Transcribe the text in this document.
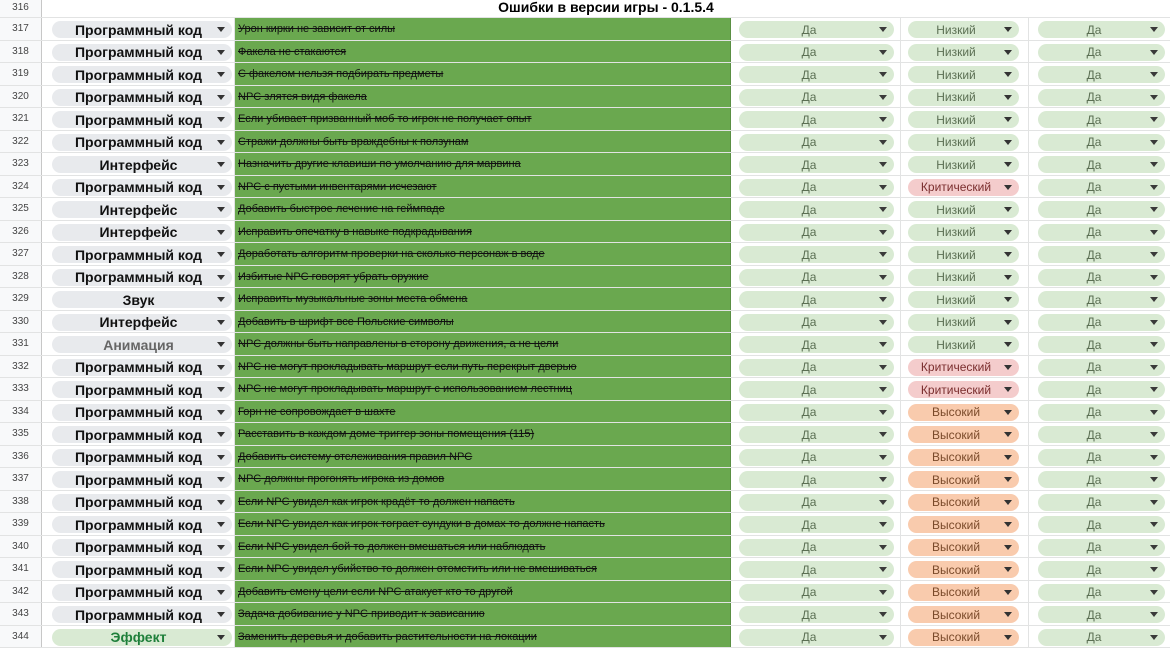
316	Ошибки в версии игры - 0.1.5.4
317	Программный код	Урон кирки не зависит от силы	Да	Низкий	Да
318	Программный код	Факела не стакаются	Да	Низкий	Да
319	Программный код	С факелом нельзя подбирать предметы	Да	Низкий	Да
320	Программный код	NPC злятся видя факела	Да	Низкий	Да
321	Программный код	Если убивает призванный моб то игрок не получает опыт	Да	Низкий	Да
322	Программный код	Стражи должны быть враждебны к ползунам	Да	Низкий	Да
323	Интерфейс	Назначить другие клавиши по умолчанию для марвина	Да	Низкий	Да
324	Программный код	NPC с пустыми инвентарями исчезают	Да	Критический	Да
325	Интерфейс	Добавить быстрое лечение на геймпаде	Да	Низкий	Да
326	Интерфейс	Исправить опечатку в навыке подкрадывания	Да	Низкий	Да
327	Программный код	Доработать алгоритм проверки на сколько персонаж в воде	Да	Низкий	Да
328	Программный код	Избитые NPC говорят убрать оружие	Да	Низкий	Да
329	Звук	Исправить музыкальные зоны места обмена	Да	Низкий	Да
330	Интерфейс	Добавить в шрифт все Польские символы	Да	Низкий	Да
331	Анимация	NPC должны быть направлены в сторону движения, а не цели	Да	Низкий	Да
332	Программный код	NPC не могут прокладывать маршрут если путь перекрыт дверью	Да	Критический	Да
333	Программный код	NPC не могут прокладывать маршрут с использованием лестниц	Да	Критический	Да
334	Программный код	Горн не сопровождает в шахте	Да	Высокий	Да
335	Программный код	Расставить в каждом доме триггер зоны помещения (115)	Да	Высокий	Да
336	Программный код	Добавить систему отслеживания правил NPC	Да	Высокий	Да
337	Программный код	NPC должны прогонять игрока из домов	Да	Высокий	Да
338	Программный код	Если NPC увидел как игрок крадёт то должен напасть	Да	Высокий	Да
339	Программный код	Если NPC увидел как игрок тограет сундуки в домах то должне напасть	Да	Высокий	Да
340	Программный код	Если NPC увидел бой то должен вмешаться или наблюдать	Да	Высокий	Да
341	Программный код	Если NPC увидел убийство то должен отомстить или не вмешиваться	Да	Высокий	Да
342	Программный код	Добавить смену цели если NPC атакует кто то другой	Да	Высокий	Да
343	Программный код	Задача добивание у NPC приводит к зависанию	Да	Высокий	Да
344	Эффект	Заменить деревья и добавить растительности на локации	Да	Высокий	Да
